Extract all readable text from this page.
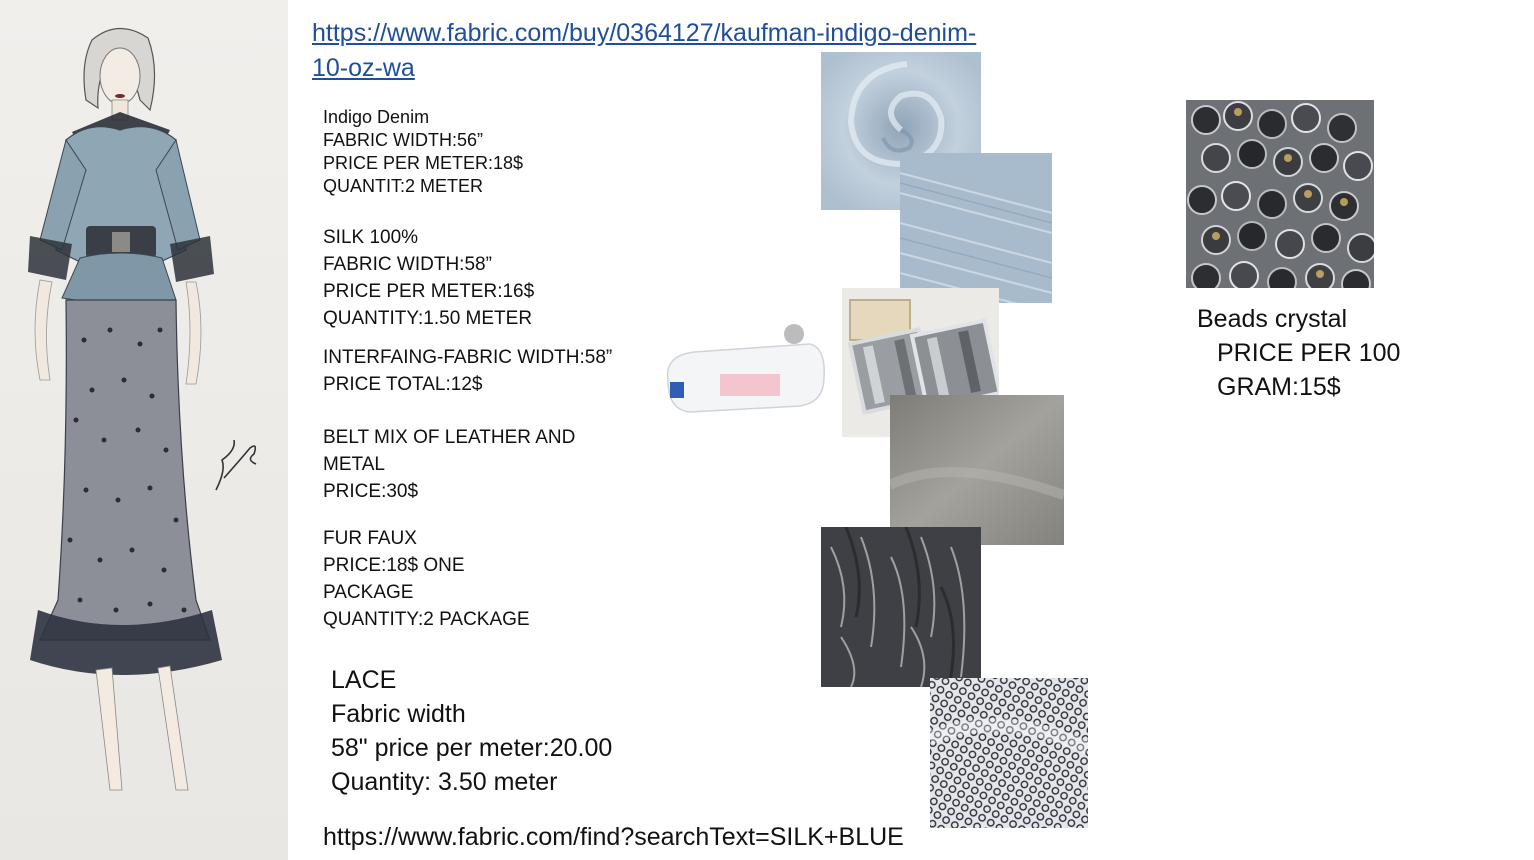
https://www.fabric.com/buy/0364127/kaufman-indigo-denim-
10-oz-wa
Indigo Denim
FABRIC WIDTH:56”
PRICE PER METER:18$
QUANTIT:2 METER
SILK 100%
FABRIC WIDTH:58”
PRICE PER METER:16$
QUANTITY:1.50 METER
INTERFAING-FABRIC WIDTH:58”
PRICE TOTAL:12$
BELT MIX OF LEATHER AND
METAL
PRICE:30$
FUR FAUX
PRICE:18$ ONE
PACKAGE
QUANTITY:2 PACKAGE
LACE
Fabric width
58" price per meter:20.00
Quantity: 3.50 meter
https://www.fabric.com/find?searchText=SILK+BLUE
Beads crystal
PRICE PER 100
GRAM:15$
